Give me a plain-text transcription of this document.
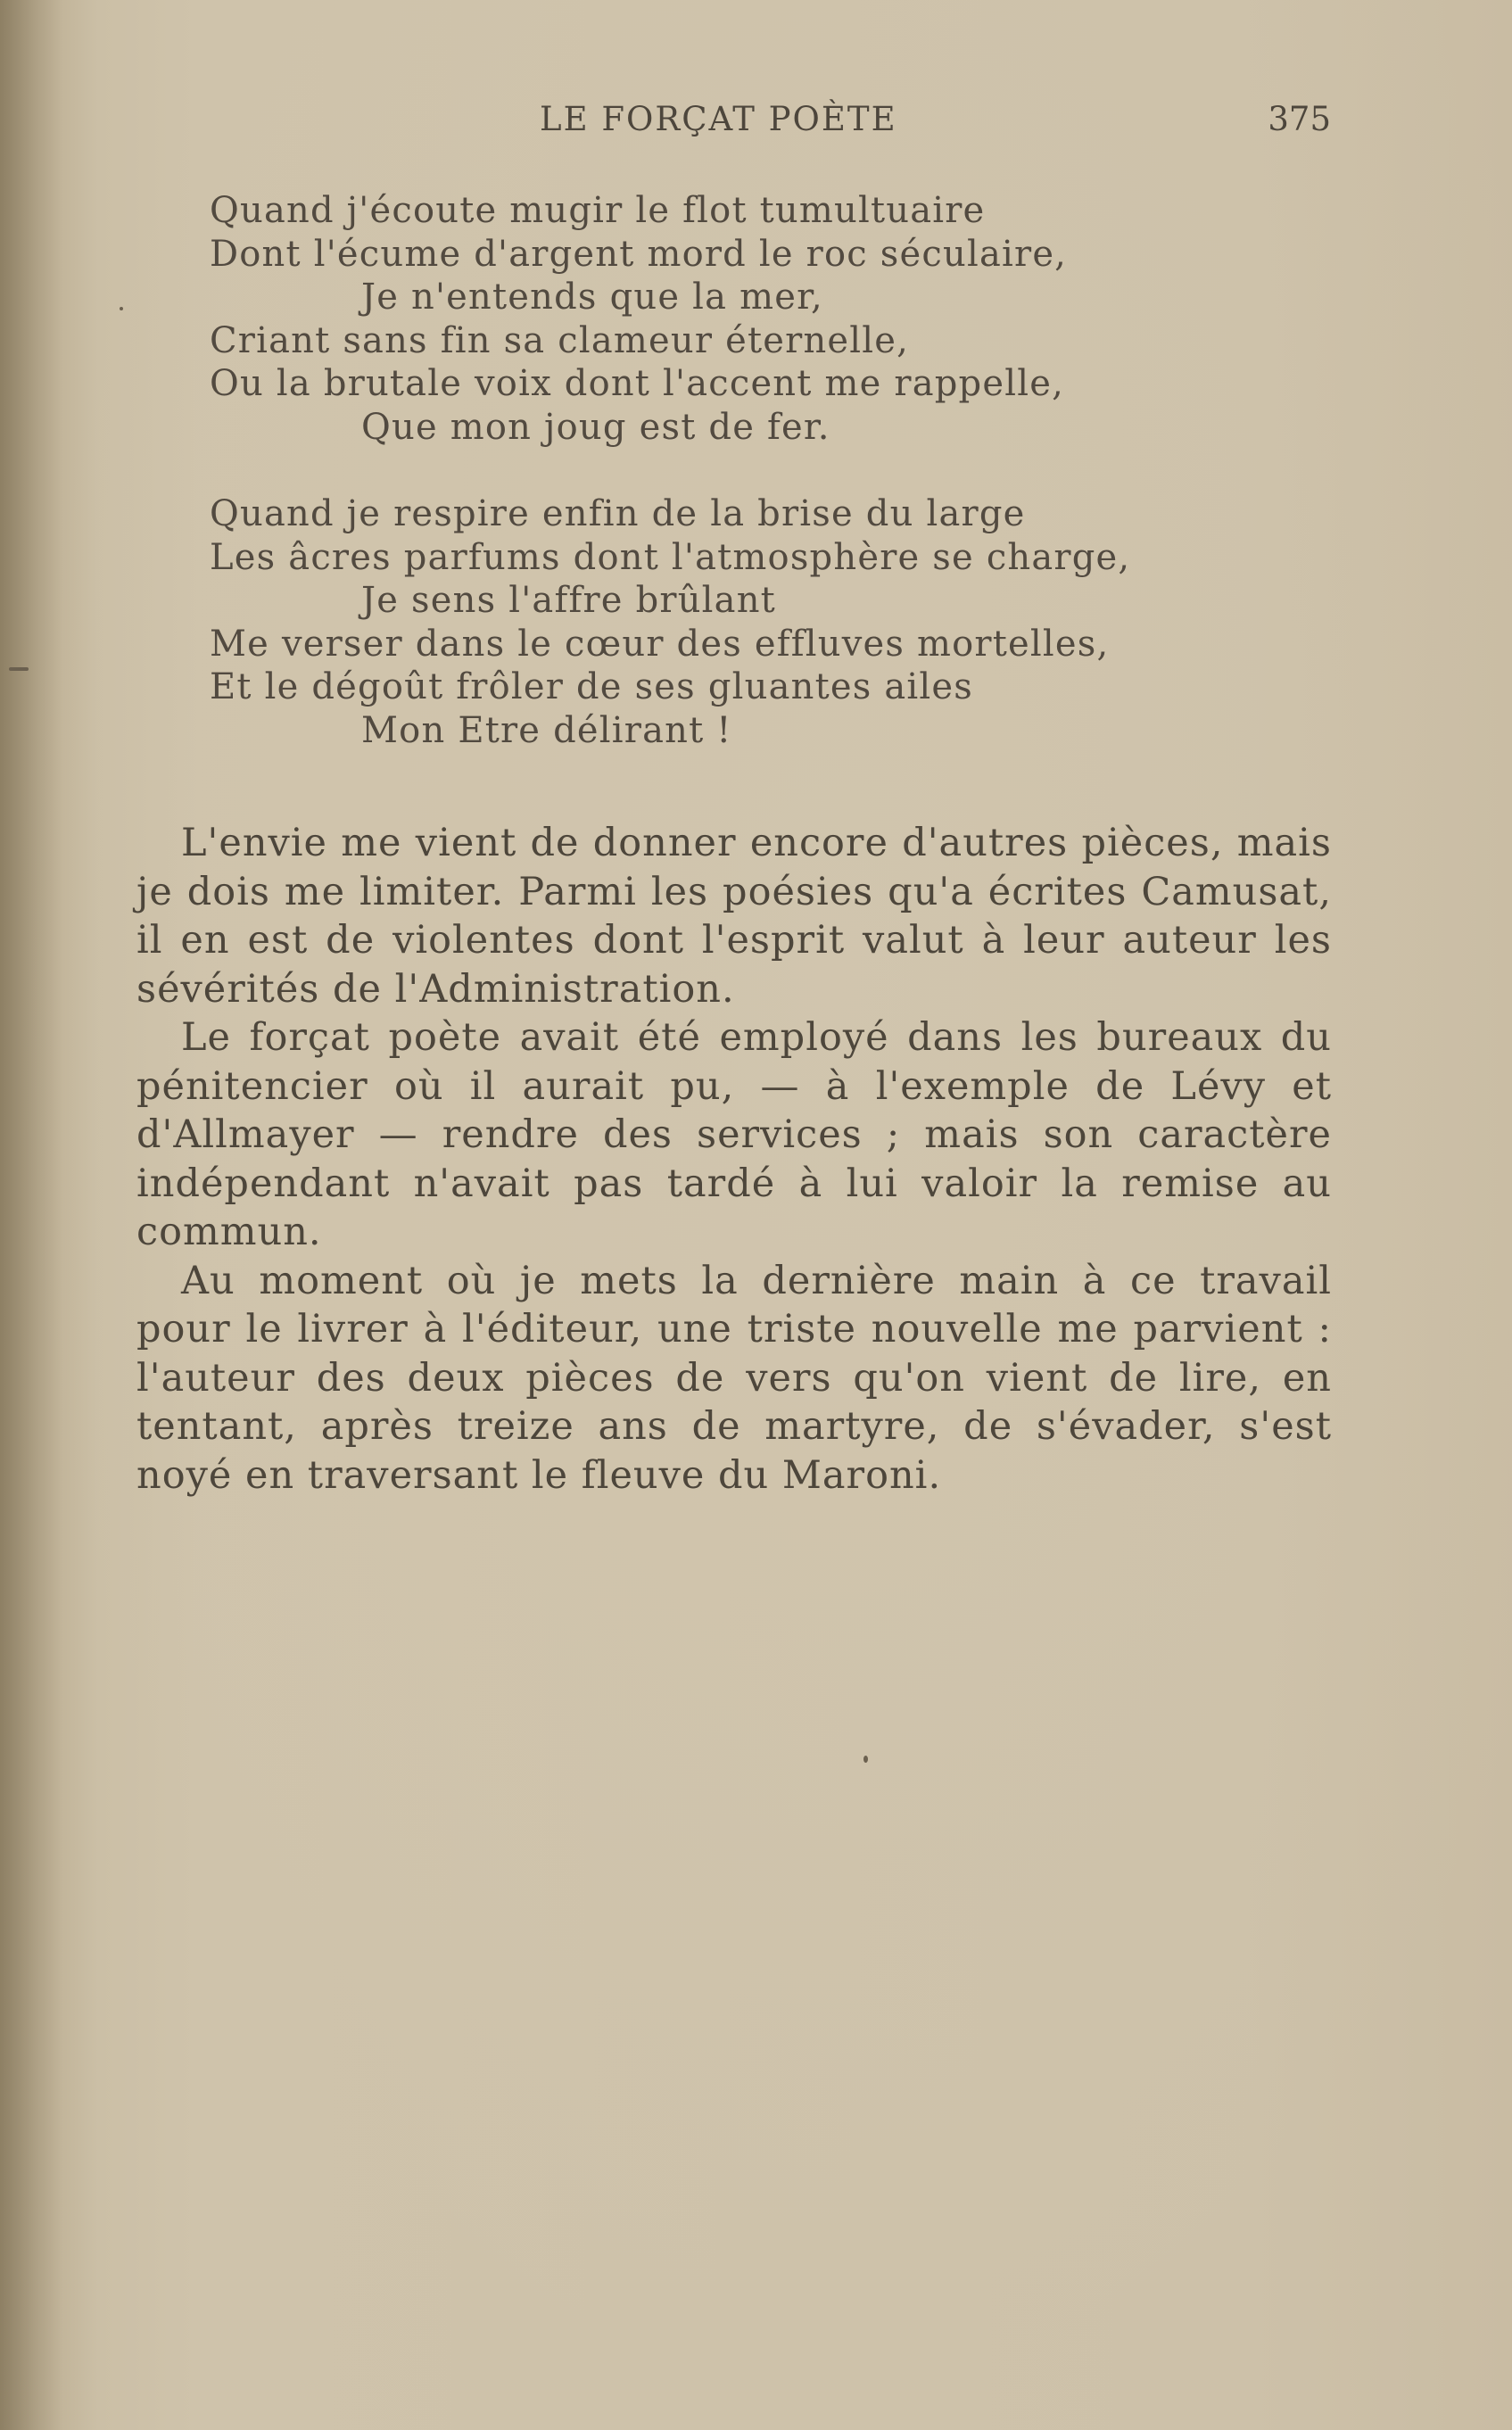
LE FORÇAT POÈTE	375
Quand j'écoute mugir le flot tumultuaire
Dont l'écume d'argent mord le roc séculaire,
Je n'entends que la mer,
Criant sans fin sa clameur éternelle,
Ou la brutale voix dont l'accent me rappelle,
Que mon joug est de fer.
Quand je respire enfin de la brise du large
Les âcres parfums dont l'atmosphère se charge,
Je sens l'affre brûlant
Me verser dans le cœur des effluves mortelles,
Et le dégoût frôler de ses gluantes ailes
Mon Etre délirant !

L'envie me vient de donner encore d'autres pièces, mais je dois me limiter. Parmi les poésies qu'a écrites Camusat, il en est de violentes dont l'esprit valut à leur auteur les sévérités de l'Administration.

Le forçat poète avait été employé dans les bureaux du pénitencier où il aurait pu, — à l'exemple de Lévy et d'Allmayer — rendre des services ; mais son caractère indépendant n'avait pas tardé à lui valoir la remise au commun.

Au moment où je mets la dernière main à ce travail pour le livrer à l'éditeur, une triste nouvelle me parvient : l'auteur des deux pièces de vers qu'on vient de lire, en tentant, après treize ans de martyre, de s'évader, s'est noyé en traversant le fleuve du Maroni.
